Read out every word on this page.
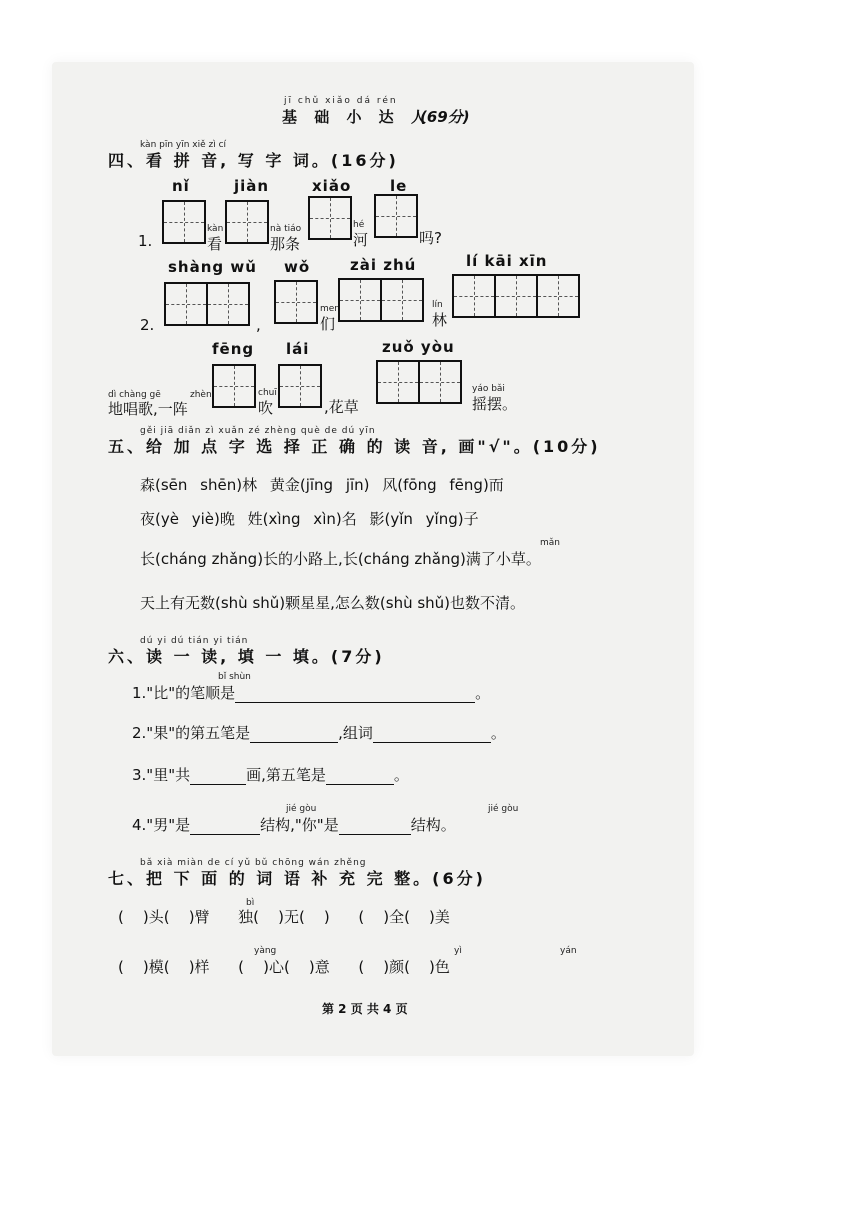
jī chǔ xiǎo dá rén
基 础 小 达 人
(69分)
kàn pīn yīn xiě zì cí
四、看 拼 音, 写 字 词。(16分)
nǐ	jiàn	xiǎo	le
1.
kàn
看
nà tiáo
那条
hé
河	吗?
shàng wǔ wǒ	zài zhú	lí kāi xīn
2.	,
men
们
lín
林
fēng lái	zuǒ yòu
dì chàng gē
地唱歌,一阵
zhèn	chuī
吹	,花草
yáo bǎi
摇摆。
gěi jiā diǎn zì xuǎn zé zhèng què de dú yīn
五、给 加 点 字 选 择 正 确 的 读 音, 画"√"。(10分)
森(sēn shēn)林 黄金(jīng jīn) 风(fōng fēng)而
夜(yè yiè)晚 姓(xìng xìn)名 影(yǐn yǐng)子
mǎn
长(cháng zhǎng)长的小路上,长(cháng zhǎng)满了小草。
天上有无数(shù shǔ)颗星星,怎么数(shù shǔ)也数不清。
dú yi dú tián yi tián
六、读 一 读, 填 一 填。(7分)
bǐ shùn
1."比"的笔顺是	。
2."果"的第五笔是	,组词	。
3."里"共	画,第五笔是	。
jié gòu	jié gòu
4."男"是	结构,"你"是	结构。
bǎ xià miàn de cí yǔ bǔ chōng wán zhěng
七、把 下 面 的 词 语 补 充 完 整。(6分)
bì
(    )头(    )臂      独(    )无(    )      (    )全(    )美
yàng	yì	yán
(    )模(    )样      (    )心(    )意      (    )颜(    )色
第 2 页 共 4 页
